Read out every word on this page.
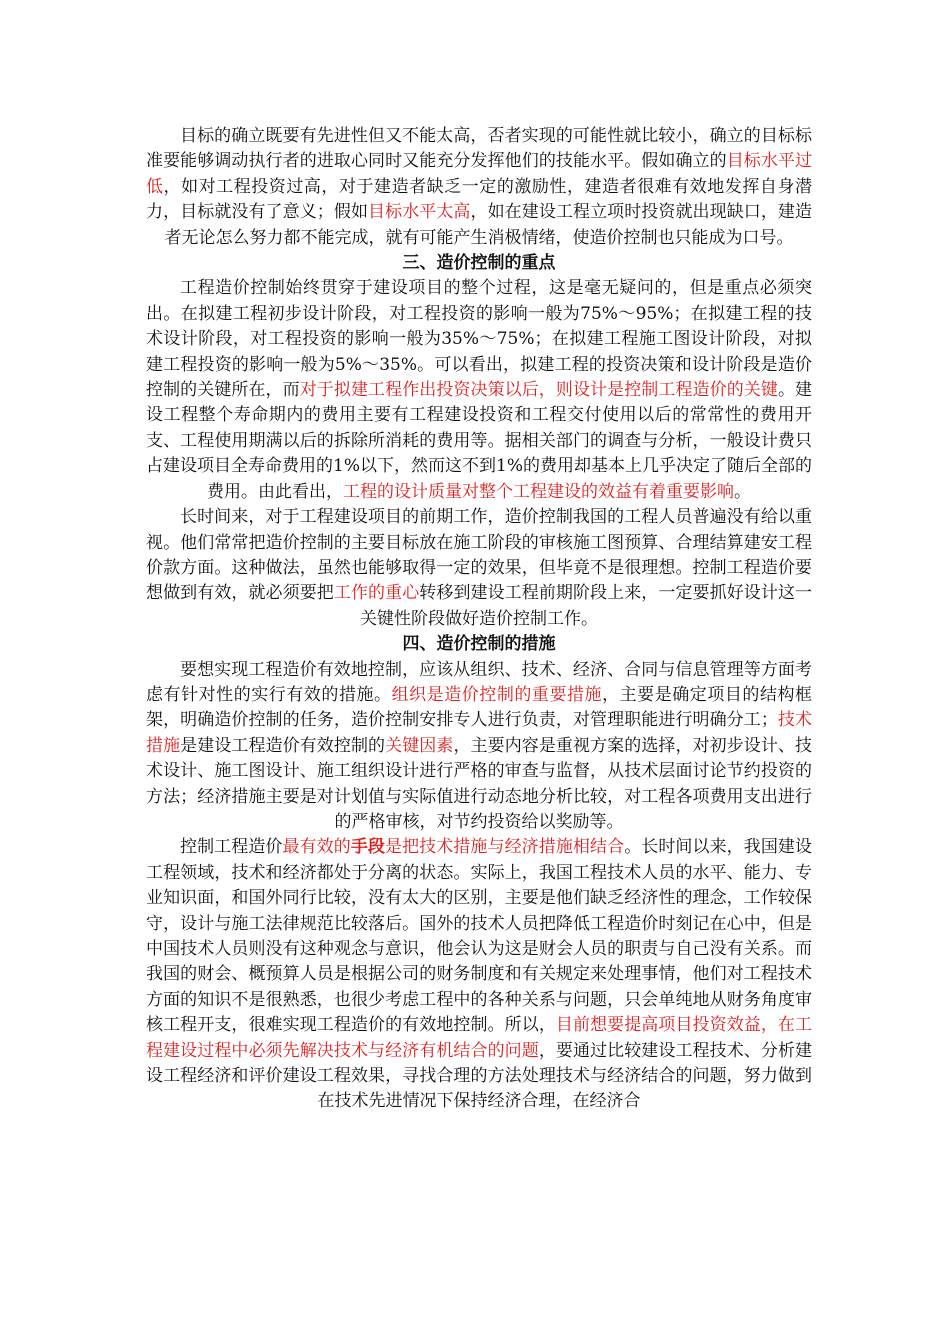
目标的确立既要有先进性但又不能太高，否者实现的可能性就比较小，确立的目标标准要能够调动执行者的进取心同时又能充分发挥他们的技能水平。假如确立的目标水平过低，如对工程投资过高，对于建造者缺乏一定的激励性，建造者很难有效地发挥自身潜力，目标就没有了意义；假如目标水平太高，如在建设工程立项时投资就出现缺口，建造者无论怎么努力都不能完成，就有可能产生消极情绪，使造价控制也只能成为口号。

三、造价控制的重点

工程造价控制始终贯穿于建设项目的整个过程，这是毫无疑问的，但是重点必须突出。在拟建工程初步设计阶段，对工程投资的影响一般为75%～95%；在拟建工程的技术设计阶段，对工程投资的影响一般为35%～75%；在拟建工程施工图设计阶段，对拟建工程投资的影响一般为5%～35%。可以看出，拟建工程的投资决策和设计阶段是造价控制的关键所在，而对于拟建工程作出投资决策以后，则设计是控制工程造价的关键。建设工程整个寿命期内的费用主要有工程建设投资和工程交付使用以后的常常性的费用开支、工程使用期满以后的拆除所消耗的费用等。据相关部门的调查与分析，一般设计费只占建设项目全寿命费用的1%以下，然而这不到1%的费用却基本上几乎决定了随后全部的费用。由此看出，工程的设计质量对整个工程建设的效益有着重要影响。

长时间来，对于工程建设项目的前期工作，造价控制我国的工程人员普遍没有给以重视。他们常常把造价控制的主要目标放在施工阶段的审核施工图预算、合理结算建安工程价款方面。这种做法，虽然也能够取得一定的效果，但毕竟不是很理想。控制工程造价要想做到有效，就必须要把工作的重心转移到建设工程前期阶段上来，一定要抓好设计这一关键性阶段做好造价控制工作。

四、造价控制的措施

要想实现工程造价有效地控制，应该从组织、技术、经济、合同与信息管理等方面考虑有针对性的实行有效的措施。组织是造价控制的重要措施，主要是确定项目的结构框架，明确造价控制的任务，造价控制安排专人进行负责，对管理职能进行明确分工；技术措施是建设工程造价有效控制的关键因素，主要内容是重视方案的选择，对初步设计、技术设计、施工图设计、施工组织设计进行严格的审查与监督，从技术层面讨论节约投资的方法；经济措施主要是对计划值与实际值进行动态地分析比较，对工程各项费用支出进行的严格审核，对节约投资给以奖励等。

控制工程造价最有效的手段是把技术措施与经济措施相结合。长时间以来，我国建设工程领域，技术和经济都处于分离的状态。实际上，我国工程技术人员的水平、能力、专业知识面，和国外同行比较，没有太大的区别，主要是他们缺乏经济性的理念，工作较保守，设计与施工法律规范比较落后。国外的技术人员把降低工程造价时刻记在心中，但是中国技术人员则没有这种观念与意识，他会认为这是财会人员的职责与自己没有关系。而我国的财会、概预算人员是根据公司的财务制度和有关规定来处理事情，他们对工程技术方面的知识不是很熟悉，也很少考虑工程中的各种关系与问题，只会单纯地从财务角度审核工程开支，很难实现工程造价的有效地控制。所以，目前想要提高项目投资效益，在工程建设过程中必须先解决技术与经济有机结合的问题，要通过比较建设工程技术、分析建设工程经济和评价建设工程效果，寻找合理的方法处理技术与经济结合的问题，努力做到在技术先进情况下保持经济合理，在经济合
